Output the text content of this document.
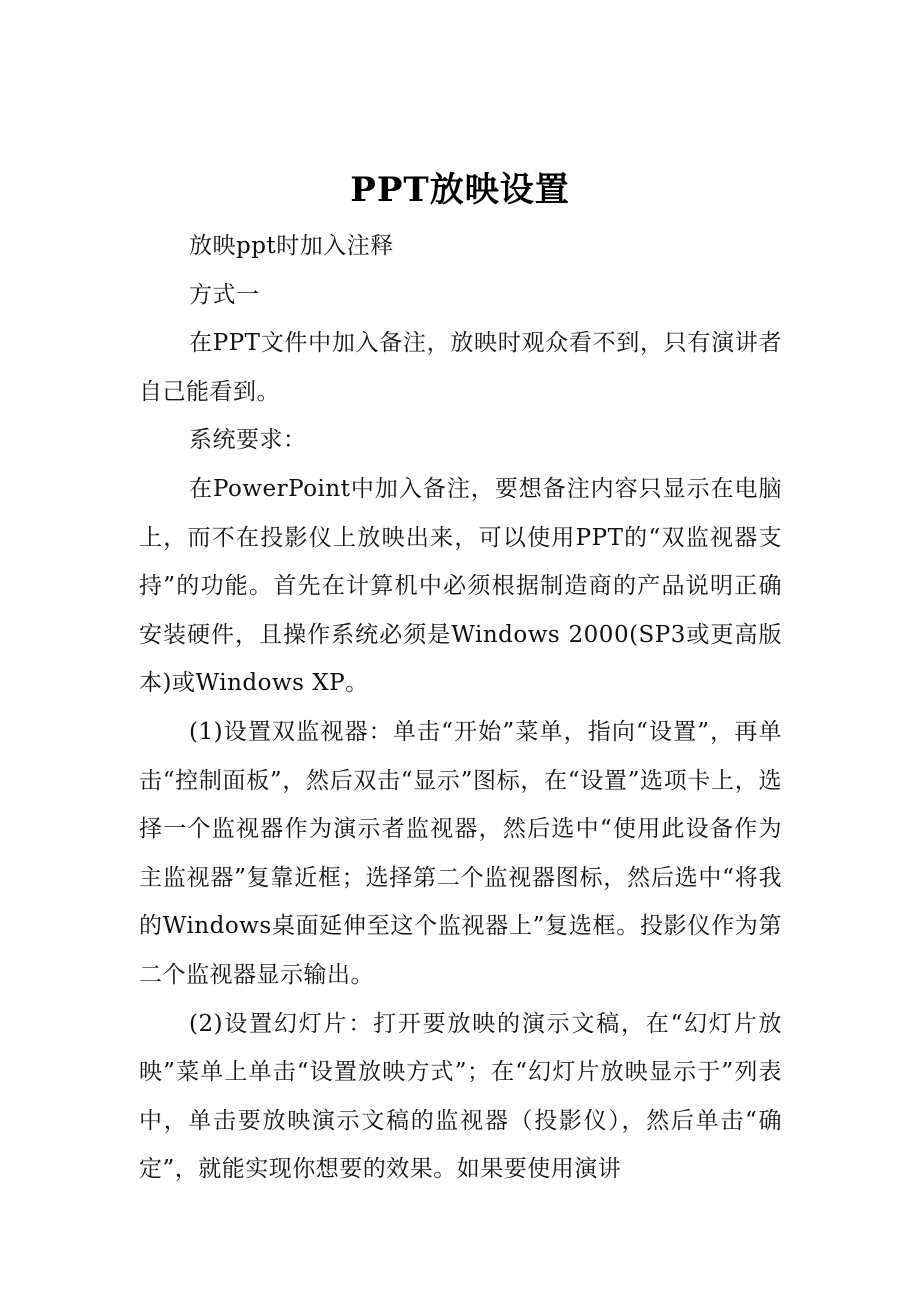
PPT放映设置

放映ppt时加入注释

方式一

在PPT文件中加入备注，放映时观众看不到，只有演讲者自己能看到。

系统要求：

在PowerPoint中加入备注，要想备注内容只显示在电脑上，而不在投影仪上放映出来，可以使用PPT的“双监视器支持”的功能。首先在计算机中必须根据制造商的产品说明正确安装硬件，且操作系统必须是Windows 2000(SP3或更高版本)或Windows XP。

(1)设置双监视器：单击“开始”菜单，指向“设置”，再单击“控制面板”，然后双击“显示”图标，在“设置”选项卡上，选择一个监视器作为演示者监视器，然后选中“使用此设备作为主监视器”复靠近框；选择第二个监视器图标，然后选中“将我的Windows桌面延伸至这个监视器上”复选框。投影仪作为第二个监视器显示输出。

(2)设置幻灯片：打开要放映的演示文稿，在“幻灯片放映”菜单上单击“设置放映方式”；在“幻灯片放映显示于”列表中，单击要放映演示文稿的监视器（投影仪），然后单击“确定”，就能实现你想要的效果。如果要使用演讲
